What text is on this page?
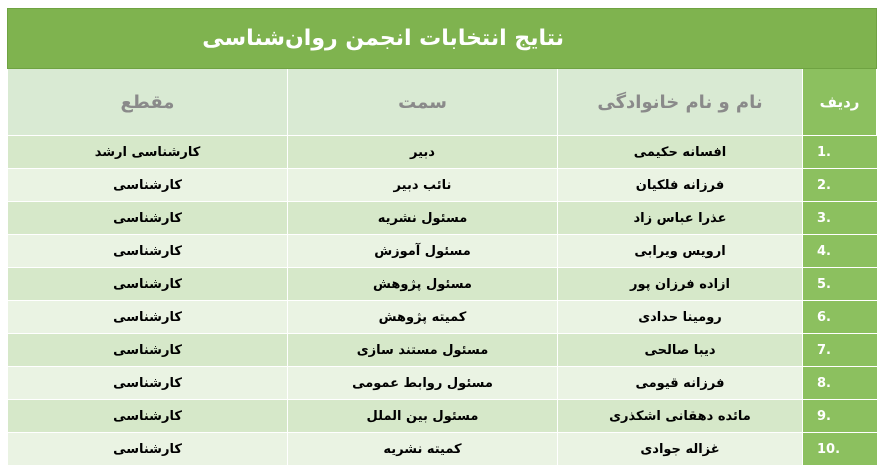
نتایج انتخابات انجمن روان‌شناسی			
ردیف	نام و نام خانوادگی	سمت	مقطع
1.	افسانه حکیمی	دبیر	کارشناسی ارشد
2.	فرزانه فلکیان	نائب دبیر	کارشناسی
3.	عذرا عباس زاد	مسئول نشریه	کارشناسی
4.	ارویس ویرابی	مسئول آموزش	کارشناسی
5.	ازاده فرزان پور	مسئول پژوهش	کارشناسی
6.	رومینا حدادی	کمیته پژوهش	کارشناسی
7.	دیبا صالحی	مسئول مستند سازی	کارشناسی
8.	فرزانه قیومی	مسئول روابط عمومی	کارشناسی
9.	مائده دهقانی اشکذری	مسئول بین الملل	کارشناسی
10.	غزاله جوادی	کمیته نشریه	کارشناسی
